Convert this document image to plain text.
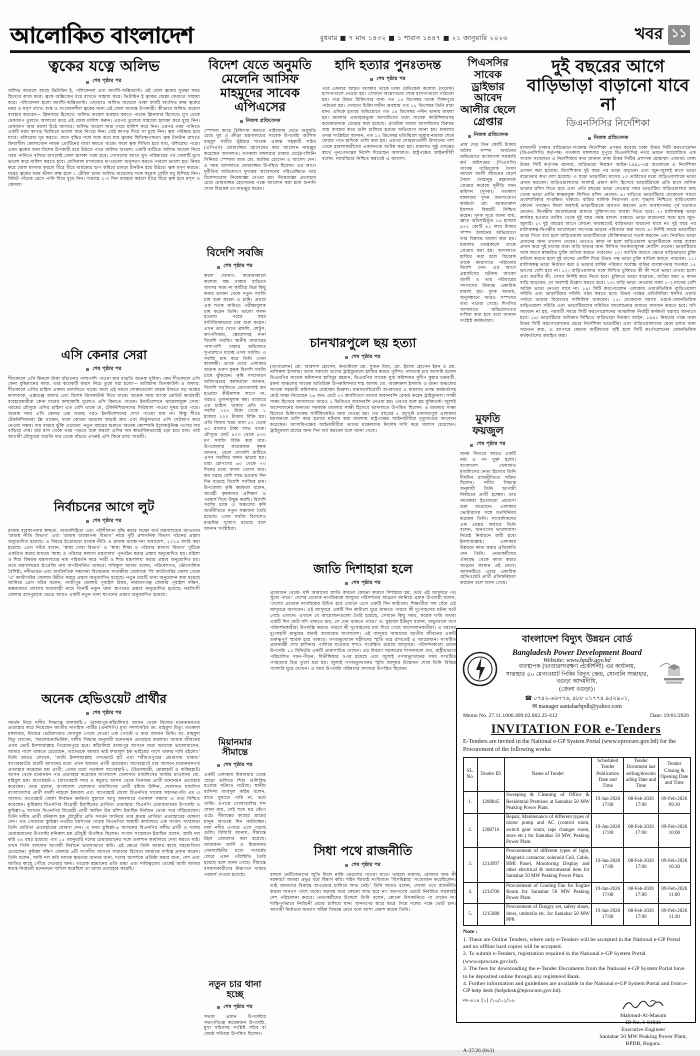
আলোকিত বাংলাদেশ	বুধবার ■ ৭ মাঘ ১৪৩২ ■ ১ শাবান ১৪৪৭ ■ ২১ জানুয়ারি ২০২৬	খবর ১১
ত্বকের যত্নে অলিভ
শেষ পৃষ্ঠার পর
অলিভ অয়েলে আছে ভিটামিন ই, পলিফেনল এবং অ্যান্টি-অক্সিড্যান্ট। এই জেল ত্বকের সুরক্ষা কবচ হিসেবে কাজ করে। ত্বকে অক্সিজেন ধরে রাখতে সাহায্য করে। ভিটামিন ই ত্বকের জেল্লা ফেরাতে সাহায্য করে। পলিফেনল হলো অ্যান্টি-অক্সিড্যান্ট। এছাড়াও অলিভ অয়েলে থাকা ফ্যাটি অ্যাসিড রুক্ষ ত্বকের নরম ও মসৃণ রাখে। শুষ্ক ও সংবেদনশীল ত্বকের জন্য এই জেল অত্যন্ত উপকারী। কীভাবে অলিভ অয়েল ব্যবহার করবেন— ক্লিনজার হিসেবে: অলিভ অয়েল ব্যবহার করতে পারেন ক্লিনজার হিসেবে। মুখ থেকে মেকআপ তুলতে আলতো করে এই জেল মালিশ করুন। এরপর তুলোর সাহায্যে হালকা করে মুছে নিন। মেকআপ আর ময়লা উঠে আসবে। অলিভ অয়েল সারা গায়ে মালিশ করে নিন। এরপর গরম পানিতে একটি নরম কাপড় ভিজিয়ে ভালো করে নিংড়ে নিন। সেই কাপড় দিয়ে গা মুছে নিন। ত্বক পরিষ্কার হয়ে যাবে। বলিরেখা দূর করতে: বয়স বৃদ্ধির সঙ্গে সঙ্গে কমে যায় ত্বকের স্থিতিস্থাপকতা। ত্বক টানটান রাখতে ক্রিয়াশীল কোলাজেন নামক প্রোটিনের মাত্রা কমতে থাকে। ফলে ত্বক শিথিল হয়ে যায়, বলিরেখা পড়ে। এমন ত্বকের জন্য বিশেষ উপকারী হয়ে উঠতে পারে অলিভ অয়েল। একটি বাটিতে অলিভ অয়েল নিয়ে গরম পানিতে বসিয়ে রাখলেই জেল হালকা গরম হবে। গোসলের আগে মুখ পরিষ্কারের পর জেলটি মুখে ভালো করে মালিশ করতে হবে। ফেসিয়াল মাসাজের ধাপগুলো অনুসরণ করতে পারলে ভালো হয়। নিয়ম করে জেল মাসাজ করলে ধীরে ধীরে বার্ধক্যের ছাপ কমিয়ে চামড়া টানটান হয়ে উঠবে। ত্বক মসৃণ করতে: ঘরের ত্বকের ধরন ভীষণ রুক্ষ হলে ১ টেবিল চামচ অলিভ অয়েলের সঙ্গে কয়েক ফোঁটা মধু মিশিয়ে নিন। মিনিট পাঁচেক রেখে পানি দিয়ে ধুয়ে নিন। সপ্তাহে ২-৩ দিন ব্যবহার করলে ধীরে ধীরে ত্বক হবে মসৃণ ও কোমল।
এসি কেনার সেরা
শেষ পৃষ্ঠার পর
শীতকালে এসি কিনলে টাকা বাঁচানোর পাশাপাশি পাওয়া যায় বাড়তি অনেক সুবিধা। কেন শীতকালে এসি কেনা বুদ্ধিমানের কাজ, তার কয়েকটি কারণ নিচে তুলে ধরা হলো— অবিশ্বাস্য ডিসকাউন্ট ও অফার: শীতকালে এসির চাহিদা একদম তলানিতে থাকে। ফলে এই সময়ে শোরুমগুলো গ্রাহক টানতে বড় অঙ্কের ক্যাশব্যাক, এক্সচেঞ্জ অফার এবং বিশেষ ডিসকাউন্ট দিয়ে থাকে। অনেক সময় ব্যাংক ক্রেডিট কার্ডধারী ব্যবহারকারীরা কেনা দামের কাছাকাছি মূল্যেও এসি কিনতে পারেন। ইনস্টলেশনে ঝামেলামুক্ত সেবা: গরমের মৌসুমে এসির চাহিদা এত বেশি থাকে যে, টেকনিশিয়ানদের সিরিয়াল পাওয়া দুষ্কর হয়ে পড়ে। অনেক সময় এসি কেনার এক সপ্তাহ পরও ইনস্টলেশনের দেখা পাওয়া যায় না। কিন্তু শীতে টেকনিশিয়ানরা ফ্রি থাকেন, ফলে কোনো ঝামেলা ছাড়াই দ্রুত এবং নির্ভুলভাবে এসি সেটআপ করে নেওয়া সম্ভব। দাম বাড়ার ঝুঁকি এড়ানো: নতুন বছরের শুরুতে অনেক কোম্পানি ইলেকট্রনিক্স পণ্যের দাম বাড়িয়ে দেয়। মার্চ মাস থেকে গরম পড়তে শুরু করলে এসির দাম স্বাভাবিকভাবেই চড়া হয়ে যায়। তাই আগামী মৌসুমের বাড়তি দাম থেকে বাঁচতে এখনই এসি কিনে রাখা সাশ্রয়ী।
নির্বাচনের আগে লুট
শেষ পৃষ্ঠার পর
রাজস্ব ব্যবস্থাপনায় স্বচ্ছতা, জবাবদিহিতা এবং পরিশীলতা বৃদ্ধি করার লক্ষ্যে অর্থ মন্ত্রণালয়ের আওতায় 'রাজস্ব নীতি বিভাগ' এবং 'রাজস্ব ব্যবস্থাপনা বিভাগ' নামে দুটি প্রশাসনিক বিভাগ গঠনের প্রস্তাব অনুমোদিত হয়েছে। এ বিষয়ে ইতোমধ্যে রাজস্ব নীতি ও রাজস্ব ব্যবস্থাপনা অধ্যাদেশ, ২০২৪ জারি করা হয়েছে। প্রেস সচিব বলেন, 'স্বাস্থ্য সেবা বিভাগ' ও 'স্বাস্থ্য শিক্ষা ও পরিবার কল্যাণ বিভাগ' দুটিকে একত্রিত করার মাধ্যমে 'স্বাস্থ্য ও পরিবার কল্যাণ মন্ত্রণালয়' পুনর্গঠন করার প্রস্তাব অনুমোদিত হয়। মহিলা ও শিশু বিষয়ক মন্ত্রণালয়ের নাম পরিবর্তন করে 'নারী ও শিশু মন্ত্রণালয়' করার প্রস্তাব অনুমোদিত হয়। তবে মন্ত্রণালয়ের ইংরেজি নাম অপরিবর্তিত থাকবে। শফিকুল আলম বলেন, পরিবেশগত, ভৌগোলিক বৈশিষ্ট্য, নদীভাঙন এবং অর্থনৈতিক সম্ভাবনা বিবেচনায় সাতক্ষীরা জেলাকে 'বি' ক্যাটাগরির জেলা থেকে 'এ' ক্যাটাগরির জেলায় উন্নীত করার প্রস্তাব অনুমোদিত হয়েছে। নতুন চারটি থানা অনুমোদন করা হয়েছে জানিয়ে প্রেস সচিব বলেন, গাজীপুর জেলায় পূবাইল উত্তর, নারায়ণগঞ্জ জেলায় পূবাইল দক্ষিণ, কক্সবাজার জেলায় ঘারাবাড়ী নামে তিনটি নতুন থানা স্থাপনের প্রস্তাব অনুমোদিত হয়েছে। নরসিংদী জেলার রায়পুরাকে ভেঙে আরও একটি নতুন থানা স্থাপনের প্রস্তাব অনুমোদিত হয়েছে।
অনেক হেভিওয়েট প্রার্থীর
শেষ পৃষ্ঠার পর
সমর্থন নিয়ে দলীয় সিদ্ধান্তে বালকাঠি-১ (রাজাপুর-কাঁঠালিয়া) আসন থেকে নিজের মনোনয়নপত্র প্রত্যাহার করে নিয়েছেন জাতীয় নাগরিক পার্টির (এনসিপি) মুখ্য সদস্যসচিব ডা. মাহমুদা মিতু। গতকাল মঙ্গলবার, নিজের ভেরিফায়েড ফেসবুক পেজে দেওয়া এক পোস্টে এ কথা জানান তিনি। ডা. মাহমুদা মিতু লেখেন, 'আলোচনাভিত্তিক, দলীয় সিদ্ধান্ত অনুযায়ী মনোনয়ন প্রত্যাহার করলাম। আমার জীবনের প্রথম ভোট ইনশাআল্লাহ পিরোজপুরে হবে। কাঁঠালিয়া রাজাপুর আসনে যারা আমাকে ভালোবাসেন, আমার পাশে থাকতে চেয়েছেন, তাদেরকে আমার ভাই ফজলুল হক ভাইয়ের পাশে থাকার দাবি রইলো।' তিনি আরও লেখেন, 'আমি ইনশাআল্লাহ গণভোটে হ্যাঁ এবং শরীয়তপুরের প্রচারণায় থাকব।' বাগেরহাটের চারটি আসনের মধ্যে এখন ছয়জন প্রার্থী রয়েছেন। বাগেরহাটে চার আসনে মনোনয়নপত্র প্রত্যাহার করেছেন ছয় প্রার্থী; এদের মধ্যে গতকাল বাগেরহাট-১ (চিতলমারী, মোল্লাহাট ও ফকিরহাট) আসন থেকে মনোনয়ন পত্র প্রত্যাহার করেছেন বাংলাদেশ খেলাফত মজলিসের আমির মাওলানা মো. মহিবুল হক। বাগেরহাট-২ (বাগেরহাট সদর ও কচুয়া) আসন থেকে তিনজন প্রার্থী মনোনয়ন প্রত্যাহার করেছেন। তারা হলেন, বাংলাদেশ খেলাফত মজলিসের প্রার্থী রমিজ উদ্দিন, খেলাফত মজলিস বাংলাদেশের প্রার্থী বদলী নাহলে ইকবাল এবং বাগেরহাট জেলা বিএনপির সাবেক সহসভাপতি এম এ সালাম। বাগেরহাট জেলা নির্বাচন কর্মকর্তা মুহাম্মদ আবু আনসারে গতকাল সন্ধ্যায় এ তথ্য নিশ্চিত করেছেন। কুমিল্লায় বিএনপির বিদ্রোহী ইয়াছিনের প্রার্থিতা প্রত্যাহার: বিএনপি চেয়ারম্যানের উপদেষ্টা ও কুমিল্লা-৬ আসনে বিএনপির বিদ্রোহী প্রার্থী আমিন উর রশিদ ইয়াছিন নির্বাচন থেকে সরে দাঁড়িয়েছেন। তিনি দলীয় প্রার্থী মনিরুল হক চৌধুরীর প্রতি সমর্থন জানিয়ে তার স্বতন্ত্র প্রার্থিতা প্রত্যাহারের ঘোষণা দেন। গত সোমবার কুমিল্লা নগরীর ধর্মসাগর পাড়স্থ বিএনপির অস্থায়ী কার্যালয়ে এক সংবাদ সম্মেলনে তিনি প্রার্থিতা প্রত্যাহারের ঘোষণা দেন। এ সময় কুমিল্লা-৬ আসনের বিএনপির দলীয় প্রার্থী ও দলের চেয়ারম্যানের উপদেষ্টা মনিরুল হক চৌধুরী উপস্থিত ছিলেন। সংবাদ সম্মেলনে ইয়াছিন বলেন, আমি দল করি ৩৪ বছর হয়েছে। গত ১৫ জানুয়ারি দলের চেয়ারম্যানের সঙ্গে গুলশান কার্যালয়ে দেখা করতে যাই। তখন তিনি বললেন আগামী নির্বাচন ভালোভাবে করি। এই ক্ষেত্রে তিনি আমার কাছে সহযোগিতা চেয়েছেন। কুমিল্লা দক্ষিণ জেলার ৬টি সংসদীয় আসনে সম্মানের হিসেবে আমাকে দায়িত্ব প্রদান করেন। তিনি বলেন, আমি দল করি দলকে ক্ষমতায় আনার জন্য, দলের আদর্শকে প্রতিষ্ঠা করার জন্য, দেশ এবং জাতির কাছে পৌঁছে দেওয়ার জন্য। তারেক রহমানের প্রতি শ্রদ্ধা এবং দায়িত্ববোধ থেকেই আমি আমার স্বতন্ত্র নির্বাচনী মনোনয়ন দাখিল করেছিল তা আজ প্রত্যাহার করেছি।
বিদেশ যেতে অনুমতি মেলেনি আসিফ মাহমুদের সাবেক এপিএসের
নিজস্ব প্রতিবেদক
স্পেশাল কারে চিকিৎসা করাতে থাইল্যান্ড যেতে অনুমতি চেয়ে যুব ও ক্রীড়া মন্ত্রণালয়ের সাবেক উপদেষ্টা আসিফ মাহমুদ সজীব ভূঁইয়ার সাবেক একান্ত সহকারী সচিব (এপিএস) মোয়াজ্জেম হোসেনের করা আবেদন নামঞ্জুর করেছেন আদালত। গতকাল মঙ্গলবার ঢাকার মেট্রোপলিটন সিনিয়র স্পেশাল জজ মো. জাকির হোসেন এ আদেশ দেন। এ সময় আদালতে মোয়াজ্জেম উপস্থিত ছিলেন। এর আগে দুর্নীতির অভিযোগে দুদকের আবেদনের পরিপ্রেক্ষিতে তার বিদেশযাত্রায় নিষেধাজ্ঞা দেওয়া হয়। নিষেধাজ্ঞা প্রত্যাহার চেয়ে মোয়াজ্জেম হোসেনের পক্ষে আবেদন করা হলে শুনানি শেষে বিচারক তা নামঞ্জুর করেন।
বিদেশি সবজি
শেষ পৃষ্ঠার পর
কচল ঘোষণ। করোনাকালে কলেজ বন্ধ থাকায় বাড়িতে অবসর সময় না কাটিয়ে ভিন্ন কিছু করার ভাবনা থেকে নতুন সবজি চাষ শুরু করেন এ চাষি। প্রথমে এক শতক জমিতে পরীক্ষামূলক চাষ করেন তিনি। ভালো ফলন হওয়ায় পরের বছর বাণিজ্যিকভাবে চাষ শুরু করেন। এখন তার খেতে ব্রকলি, লেটুস, ক্যাপসিকাম, স্কোয়াশসহ নানা বিদেশি সবজি। স্থানীয় বাজারের পাশাপাশি ঢাকার অভিজাত সুপারশপে যাচ্ছে এসব সবজি। এ সবজি চাষ করে তিনি এখন স্বাবলম্বী। তাকে দেখে এলাকার অনেক তরুণ কৃষক বিদেশি সবজি চাষে ঝুঁকছেন। কৃষি সম্প্রসারণ অধিদপ্তরের কর্মকর্তারা জানান, বিদেশি সবজিতে রোগবালাই কম হওয়ায় কীটনাশক লাগে না, খরচও তুলনামূলক কম। বাজারে এর চাহিদা থাকায় প্রতি মণ সবজি ৭০০ টাকা থেকে ১ হাজার ২০০ টাকায় বিক্রি হয়। প্রতি বিঘায় খরচ বাদে ৫০ থেকে ৬০ হাজার টাকা লাভ থাকে। মৌসুমে মোট ৪০০ থেকে ৫০০ মণ সবজি বিক্রি করা যায়। উপজেলার কয়েকজন কৃষক জানান, বেলে দোআঁশ মাটিতে এসব সবজির ফলন ভালো হয়। চারা রোপণের ৬০ থেকে ৭০ দিনের মধ্যে ফসল তোলা যায়। কম খরচে বেশি লাভ হওয়ায় দিন দিন বাড়ছে বিদেশি সবজির চাষ। উপজেলা কৃষি কর্মকর্তা বলেন, আগ্রহী কৃষকদের প্রশিক্ষণ ও পরামর্শ দিয়ে উদ্বুদ্ধ করছি। বিদেশি সবজি চাষে এ অঞ্চলের কৃষি অর্থনীতিতে নতুন সম্ভাবনা তৈরি হয়েছে। এসব সবজি বিদেশেও রপ্তানির সুযোগ রয়েছে বলে জানান সংশ্লিষ্টরা।
মিয়ানমার সীমান্তে
শেষ পৃষ্ঠার পর
একটি এলাকায় মিয়ানমার থেকে ছোড়া গুলিতে শিশু গুলিবিদ্ধ হওয়ার ঘটনাও ঘটেছে। স্থানীয় বাসিন্দা আবদুল করিম বলেন, রাতে ঘুমাতে পারি না, ভয়ে থাকি। ওপারে গোলাগুলির শব্দ শোনা যায়, সেই শব্দে ঘর কেঁপে ওঠে। সীমান্তের কাছের গ্রামের মানুষ আতঙ্কে দিন কাটাচ্ছেন। নাফ নদীর এপারে এসে পড়ছে গুলি। বিজিবি জানায়, সীমান্তে টহল জোরদার করা হয়েছে। আরাকান আর্মি ও মিয়ানমার সেনাবাহিনীর মধ্যে সংঘর্ষের জেরে এমন পরিস্থিতি তৈরি হয়েছে বলে জানা গেছে। সীমান্তে বসবাসকারীদের নিরাপদে থাকার পরামর্শ দেওয়া হয়েছে।
নতুন চার থানা হচ্ছে
শেষ পৃষ্ঠার পর
সভায় প্রধান উপদেষ্টার সভাপতিত্বে কয়েকজন উপদেষ্টা, মুখ্য সচিবসহ সংশ্লিষ্ট সচিব বা জ্যেষ্ঠ সচিবরা উপস্থিত ছিলেন।
হাদি হত্যার পুনঃতদন্ত
শেষ পৃষ্ঠার পর
পরে একবার আহত অবস্থায় তাকে ঢাকা মেডিকেল কলেজ (ঢামেক) হাসপাতালে নেওয়া হয়। সেখানে অস্ত্রোপচার শেষে হাসপাতালে পাঠানো হয়। পরে উন্নত চিকিৎসার জন্য গত ১৫ ডিসেম্বর তাকে সিঙ্গাপুরে পাঠানো হয়। সেখানে চিকিৎসাধীন অবস্থায় গত ১৮ ডিসেম্বর তিনি মারা যান। এদিকে হত্যার অভিযোগে গত ১৪ ডিসেম্বর পল্টন থানায় মামলা হয়। মামলার এজাহারভুক্ত আসামিদের মধ্যে সাবেক কাউন্সিলরসহ কয়েকজনকে গ্রেপ্তার করা হয়েছে। প্রাথমিক ধারায় আসামিদের বিরুদ্ধে অস্ত্র ব্যবহার করে গুলি চালিয়ে হত্যার অভিযোগ আনা হয়। মামলার তদন্ত সংশ্লিষ্টরা জানান, গত ১২ ডিসেম্বর মতিঝিলে জুমার নামাজ শেষে ফেরার পথে হাদিকে গুলি করা হয়। এরপর সোহরাওয়ার্দী উদ্যানের পাশ থেকে হামলাকারীদের একজনকে আটক করা হয়। মামলার সুষ্ঠু তদন্তের স্বার্থে পুনঃতদন্তের নির্দেশ দিয়েছেন আদালত। রাষ্ট্রপক্ষের আইনজীবী বলেন, ন্যায়বিচার নিশ্চিত করতেই এ আদেশ।
চানখারপুলে ছয় হত্যা
শেষ পৃষ্ঠার পর
(অপারেশন) মো. আরশাদ হোসেন, কনস্টেবল মো. সুজন মিয়া, মো. ইমাজ হোসেন ইমন ও মো. নাসিরুল ইসলাম। আজ সকালে তাদের ট্রাইব্যুনালে হাজির করবে পুলিশ। পলাতক চার আসামি হলেন ডিএমপির সাবেক কমিশনার হাবিবুর রহমান, ডিএমপির সাবেক যুগ্ম কমিশনার সুদীপ কুমার চক্রবর্তী, রমনা অঞ্চলের সাবেক অতিরিক্ত উপকমিশনার শাহ আলম মো. আক্তারুল ইসলাম ও রমনা অঞ্চলের সাবেক সহকারী কমিশনার মোহাম্মদ ইমরুল। মানবতাবিরোধী অপরাধের এ মামলায় তদন্ত কর্মকর্তাসহ মোট সাক্ষ্য নিয়েছেন ২৬ জন। মোট ২৩ কার্যদিবসে তাদের জবানবন্দি রেকর্ড করেন ট্রাইব্যুনাল। সাক্ষী সাক্ষ্য হিসেবে আদালতে আরও ২ ভিডিওর জবানবন্দি নেওয়া হয়। এরপর শুরু হয় যুক্তিতর্ক। জুলাই আন্দোলনের অন্যতম সমন্বয়ক মামলার সাক্ষী হিসেবে আদালতে উপস্থিত ছিলেন। এ মামলার সাক্ষ্য হিসেবে চিকিৎসকের সার্টিফিকেটও জমা দেওয়া হয়। গত বছরের ৫ আগস্ট চানখারপুল এলাকায় ছয়জনকে গুলি করে হত্যার ঘটনায় করা মামলায় রাষ্ট্রপক্ষের আইনজীবীরা মৃত্যুদণ্ডের আবেদন করেছেন। আসামিপক্ষের আইনজীবীরা তাদের মক্কেলদের নির্দোষ দাবি করে খালাস চেয়েছেন। ট্রাইব্যুনাল রায়ের জন্য দিন ধার্য করবেন বলে জানা গেছে।
জাতি দিশাহারা হলে
শেষ পৃষ্ঠার পর
প্রয়োজন থেকে। যদি আমাদের জাতি কখনো কোনো কারণে দিশাহারা হয়, তবে এই জাদুঘরে পথ খুঁজে পাবে।' দেশের প্রত্যেক নাগরিককে জাদুঘর পরিদর্শনের আহ্বান জানিয়ে প্রধান উপদেষ্টা বলেন, 'দেশের প্রত্যেক নাগরিকের উচিত হবে এখানে এসে একটি দিন কাটানো। শিক্ষার্থীরা দল বেঁধে এই জাদুঘরে আসবেন। এই জাদুঘরে একটি দিন কাটালে ঘুরে জানতে পারবে কী দুঃসাহসের ঘটনা ঘটে গেছে এখানে। এখানে যে আয়োজনগুলো তৈরি হয়েছে, সেখানে কিছু সময়, কয়েক ঘণ্টা অথবা একটি দিন কেউ যদি থাকতে চায়, সে যেন থাকতে পারে।' ড. মুহাম্মদ ইউনূস বলেন, অভ্যুত্থানে বসে পরিদর্শনকারীরা উপলব্ধি করতে পারবে কী দুঃসাহসের মধ্য দিয়ে গেছে আন্দোলনকারীরা। এ ধরনের দুঃসাহসী মানুষের জন্যই আজকের বাংলাদেশ। এই জাদুঘর আমাদের জাতীয় জীবনের একটি গুরুত্বপূর্ণ স্মারক হয়ে থাকবে। গণঅভ্যুত্থানে শহীদদের স্মৃতি ধরে রাখতেই এ আয়োজন। সংঘটিত প্রধানমন্ত্রী শেখ হাসিনার পালিয়ে যাওয়ার দৃশ্যও সংরক্ষিত রয়েছে জাদুঘরে। পরিদর্শনকালে প্রধান উপদেষ্টা ১৫ মিনিটের একটি প্রামাণ্যচিত্র দেখেন। এর বিবরণ সরকারের শাসনামলে গুম, রাষ্ট্রীয়ভাবে পরিচালিত দমন-পীড়ন, বিভীষিকার ওপর হয়েছে এবং জুলাই গণঅভ্যুত্থানের সময় সংঘটিত গণহত্যার চিত্র তুলে ধরা হয়। জুলাই গণঅভ্যুত্থানের স্মৃতি জাদুঘর উদ্বোধন শেষে তিনি বিভিন্ন গ্যালারি ঘুরে দেখেন। এ সময় উপদেষ্টা পরিষদের সদস্যরা উপস্থিত ছিলেন।
সিধা পথে রাজনীতি
শেষ পৃষ্ঠার পর
বললে নেটিজেনদের জুতি মিলে নাকি ভেড়শের পাওয়া যাবে। তাহলে নামাজ, রোজার আর কী দরকার? আমরা প্রভুর ধর্মে বিশ্বাস করি। শহিদ জিয়াই সংবিধানে 'বিসমিল্লাহ' সংযোজন করেছিলেন। তাই আমাদের বিরুদ্ধে অপপ্রচার চালিয়ে লাভ নেই।' তিনি আরও বলেন, সোজা পথে রাজনীতি করলে জনগণ পাশে থাকে। ষড়যন্ত্র করে কোনো লাভ হবে না। জনগণের ভোটে নির্বাচিত সরকারই দেশ পরিচালনা করবে। নেতাকর্মীদের উদ্দেশে তিনি বলেন, কোনো উসকানিতে পা দেবেন না। শান্তিপূর্ণভাবে নির্বাচনী প্রচার চালিয়ে যান। জনগণের দ্বারে দ্বারে গিয়ে দলের পক্ষে ভোট চান। আগামী নির্বাচনে জনগণ সঠিক সিদ্ধান্ত নেবে বলে আশা প্রকাশ করেন তিনি।
পিএসসির সাবেক ড্রাইভার আবেদ আলীর ছেলে গ্রেপ্তার
নিজস্ব প্রতিবেদক
প্রায় দেড় তিন কোটি টাকার অবৈধ সম্পদ অর্জনের অভিযোগে বাংলাদেশ সরকারি কর্ম কমিশনের (পিএসসি) সাবেক গাড়িচালক সৈয়দ আবেদ আলী জীবনের ছেলে সৈয়দ সোহানুর রহমানকে গ্রেপ্তার করেছে দুর্নীতি দমন কমিশন (দুদক)। গতকাল মঙ্গলবার দুদক জনসংযোগ কর্মকর্তা মো. আকতারুল ইসলাম বিষয়টি নিশ্চিত করেন। দুদক সূত্রে জানা যায়, জ্ঞাত আয়বহির্ভূত ১৬ হাজার ৯৭২ কোটি ৪১ লাখ টাকার সম্পদ অর্জনের অভিযোগে তার বিরুদ্ধে মামলা করা হয়। মামলার তদন্তকালে তাকে গ্রেপ্তার করা হয়। আদালতে হাজির করা হলে বিচারক তাকে কারাগারে পাঠানোর নির্দেশ দেন। এর আগে প্রশ্নফাঁসের ঘটনায় আবেদ আলী ও তার পরিবারের সদস্যদের বিরুদ্ধে একাধিক মামলা হয়। দুদক জানায়, অনুসন্ধানে আরও সম্পদের তথ্য পাওয়া গেছে। শিগগির আদালতে অভিযোগপত্র দাখিল করা হবে বলে জানান সংশ্লিষ্ট কর্মকর্তারা।
মুফতি ফয়জুল
শেষ পৃষ্ঠার পর
জনম ফিতরে আরও একটি নাম ও পদ যুক্ত হলো। বাংলাদেশ খেলাফত মজলিসের নেতা হিসেবে তিনি দীর্ঘদিন রাজনীতিতে সক্রিয় ছিলেন। দলীয় সিদ্ধান্ত অনুযায়ী তিনি আগামী নির্বাচনে প্রার্থী হচ্ছেন। তার সমর্থকরা ইতোমধ্যে প্রচারণা শুরু করেছেন। এলাকার ভোটারদের সঙ্গে মতবিনিময় করছেন তিনি। সাংবাদিকদের এক প্রশ্নের জবাবে তিনি বলেন, জনগণের ভালোবাসা নিয়েই নির্বাচনে জয়ী হবো ইনশাআল্লাহ। এলাকার উন্নয়নে কাজ করার প্রতিশ্রুতি দেন তিনি। নেতাকর্মীদের ঐক্যবদ্ধ থেকে কাজ করার আহ্বান জানান এই নেতা। আসনটিতে এবার একাধিক হেভিওয়েট প্রার্থী প্রতিদ্বন্দ্বিতা করছেন বলে জানা গেছে।
দুই বছরের আগে বাড়িভাড়া বাড়ানো যাবে না
ডিএনসিসির নির্দেশিকা
নিজস্ব প্রতিবেদক
রাজধানী ঢাকায় বাড়িভাড়া-সংক্রান্ত নির্দেশিকা প্রণয়ন করেছে ঢাকা উত্তর সিটি করপোরেশন (ডিএনসিসি) কর্তৃপক্ষ। গতকাল মঙ্গলবার দুপুরে ডিএনসিসির নগর ভবনে আয়োজিত এক সংবাদ সম্মেলনে এ নির্দেশিকার কথা জানান ঢাকা উত্তর সিটির প্রশাসক মোহাম্মদ এজাজ। ঢাকা উত্তর সিটি কর্তৃপক্ষ জানায়, বাড়িভাড়া নিয়ন্ত্রণ আইন-১৯৯১-এর আলোকে এ নির্দেশিকা প্রণয়ন করা হয়েছে। নির্দেশিকায় দুই বছর পর ভাড়া বাড়ানো এবং জুন-জুলাই মাসে ভাড়া বাড়ানোর কথা বলা হয়েছে। এ ছাড়া ভাড়াটিয়া মাসের ১০ তারিখের মধ্যে বাড়িওয়ালাকে ভাড়া প্রদান করবেন। বাড়িওয়ালাদের অবশ্যই প্রমাণ কপি হিসেবে ভাড়াটিয়াকে প্রতি মাসে মাসিক ভাড়ার রসিদ দিতে হবে এবং প্রতি বছরের ভাড়া দেওয়ার সময় ভাড়াটিয়া বাড়িওয়ালার কাছ থেকে ভাড়া প্রাপ্তি স্বাক্ষরযুক্ত লিখিত রসিদ নেবেন। ৬। বাড়িতে ভাড়াটিয়ার যেকোনো সময়ে প্রবেশাধিকার সংরক্ষিত থাকবে। বাড়ির মালিক নিরাপত্তা এবং শৃঙ্খলা নিশ্চিতে বাড়িওয়ালা কোনো পদক্ষেপ নিলে অবশ্যই ভাড়াটিয়াকে অবগত করবেন এবং ব্যবস্থাপনার পূর্ব মতামত নেবেন। দ্বিপক্ষীয় আলোচনার মাধ্যমে যুক্তিসংগত ব্যবস্থা নিতে হবে। ৭। মালিকস্বত্ব ভাড়া কার্যকর হওয়ার তারিখ থেকে দুই বছর পর্যন্ত বলবৎ থাকবে। ভাড়া বাড়ানোর সময় হবে জুন-জুলাই। ৮। দুই বছরের আগে কোনো অবস্থাতেই বাড়িভাড়া বাড়ানো যাবে না। দুই বছর পর মালিকস্বত্ব-দ্বিপক্ষীয় আলোচনা সাপেক্ষে ভাড়ার পরিবর্তন করা যাবে। ৯। নির্দিষ্ট সময়ে ভাড়াটিয়া ভাড়া দিতে ব্যর্থ হলে বাড়িওয়ালা ভাড়াটিয়াকে যৌক্তিকভাবে সতর্ক করবেন এবং নিয়মিত ভাড়া প্রদানের জন্য তাগাদা দেবেন। তাতেও কাজ না হলে বাড়িওয়ালা ভাড়াটিয়াকে সমস্ত ব্যবস্থা প্রদান করে দুই মাসের মধ্যে বাড়ি ছাড়ার জন্য লিখিত সতর্কতামূলক নোটিশ দেবেন। ভাড়াটিয়ার সঙ্গে আগে স্বাক্ষরিত চুক্তি বাতিল করতে পারবেন। ১০। আর্থিক কারণে ক্ষেত্রে বাড়িভাড়ার চুক্তি বাতিল করতে হলে দুই মাসের নোটিশ দিয়ে উভয় পক্ষ ভাড়া চুক্তি বাতিল করতে পারবেন। ১১। মালিকস্বত্ব ভাড়া নির্ধারণ করা ও ভাড়ার বার্ষিক পরিমাণ সর্বোচ্চ বাড়ির ব্যবস্থাপনার শতকরা ১৫ ভাগের বেশি হবে না। ১২। বাড়িওয়ালার সঙ্গে লিখিত চুক্তিতে কী কী শর্তে ভাড়া দেওয়া হলো এবং করণীয় কী, সেসব নির্দিষ্ট করে নিতে হবে। চুক্তিতে ভাড়া বাড়ানো, অগ্রিম জমা ও কখন বাড়ি ছাড়বেন, তা অবশ্যই উল্লেখ করতে হবে। ১৩। বাড়ি ভাড়া নেওয়ার সময় ১-৩ মাসের বেশি অগ্রিম ভাড়া নেওয়া যাবে না। ১৪। সিটি করপোরেশন এলাকায় ওয়ার্ডভিত্তিক বাড়িওয়ালা সমিতি এবং ভাড়াটিয়ার সমিতি গঠন করতে হবে। উভয় পক্ষের প্রতিনিধিরা স্থানীয় ওয়ার্ড পর্যায়ে ভাড়ার বিরোধের দালিলিক থাকবেন। ১৫। যেকোনো সমস্যা ওয়ার্ড-জোনভিত্তিক বাড়িওয়ালা সমিতি এবং ভাড়াটিয়াদের সমিতির আলোচনার মাধ্যমে সমাধান করতে হবে। যদি সমাধান না হয়, পরবর্তী সময়ে সিটি করপোরেশনের আঞ্চলিক নির্বাহী কর্মকর্তা বরাবর জানাতে হবে। ১৬। ভাড়াটিয়ার অধিকার নিশ্চিতে বাড়িভাড়া নিয়ন্ত্রণ আইন, ১৯৯১ নিয়মের পক্ষে ঢাকা উত্তর সিটি করপোরেশনের প্রচার নির্দেশিকা ভাড়াটিয়া এবং বাড়িওয়ালাদের মেনে চলার জন্য সচেতন করা, এ ব্যাপারে কোনো জটিলতার সৃষ্টি হলে সিটি কর্পোরেশনের জোনভিত্তিক কর্মকর্তাদের অবহিত করা।
বাংলাদেশ বিদ্যুৎ উন্নয়ন বোর্ড
Bangladesh Power Development Board
Website: www.bpdb.gov.bd
ব্যবস্থাপক (ভাণ্ডারসংরক্ষণ প্রকৌশলী) এর কার্যালয়,
সান্তাহার ৫০ মেগাওয়াট পিকিং বিদ্যুৎ কেন্দ্র, সোনালি সান্তাহার, বগুড়া আদমদীঘি,
(জেলা বগুড়া)।
☎ ০৭৪২-৬৬৭৭৬, ৪৮৮ ০১৭৭৪ ৯৫২৯০১,
✉ manager santaharbpdb@yahoo.com
Memo No. 27.11.1006.409.02.002.25-412	Date: 19/01/2026
INVITATION FOR e-Tenders
E-Tenders are invited in the National e-GP System Portal (www.eprocure.gov.bd) for the Procurement of the following works:
SL. No.	Tender ID	Name of Tender	Scheduled Tender Publication Date and Time	Tender Document last selling/downloading Date and Time	Tender Closing & Opening Date and Time
1.	1208845	Sweeping & Cleaning of Office & Residential Premises at Santahar 50 MW Peaking Power Plant.	19-Jan-2026 17:00	08-Feb-2026 17:00	09-Feb-2026 09:30
2.	1208716	Repair, Maintenance of different types of motor pump and AC (control room, switch gear room, taps changer room, store etc.) for Santahar 50 MW, Peaking Power Plant.	19-Jan-2026 17:00	08-Feb-2026 17:00	09-Feb-2026 10:00
3.	1214997	Procurement of different types of light, Magnetic contactor, solenoid Coil, Cable, HMI Panel, Monitoring Display and other electrical & instrumental item for Santahar 50 MW Peaking Power Plant.	19-Jan-2026 17:00	08-Feb-2026 17:00	09-Feb-2026 10:30
4.	1214706	Procurement of Cooling Fan for Engine Room for Santahar 50 MW Peaking Power Plant.	19-Jan-2026 17:00	08-Feb-2026 17:00	09-Feb-2026 11:00
5.	1215688	Procurement of Dungry set, safety shoes, dress, umbrella etc. for Santahar 50 MW PPP.	19-Jan-2026 17:00	08-Feb-2026 17:00	09-Feb-2026 11:30
Note :
1. These are Online Tenders, where only e-Tenders will be accepted in the National e-GP Portal and no offline hard copies will be accepted.
2. To submit e-Tenders, registration required in the National e-GP System Portal (www.eprocure.gov.bd).
3. The fees for downloading the e-Tender Documents from the National e-GP System Portal have to be deposited online through any registered Bank.
4. Further information and guidelines are available in the National e-GP System Portal and from e-GP help desk (helpdesk@eprocure.gov.bd).
নং-৪২৪ (১) /১০/০২/২৬
Mahmud-Al-Masum
ID No. 1-01946
Executive Engineer
Santahar 50 MW Peaking Power Plant,
BPDB, Bogura.
A-37/26 (8x3)
